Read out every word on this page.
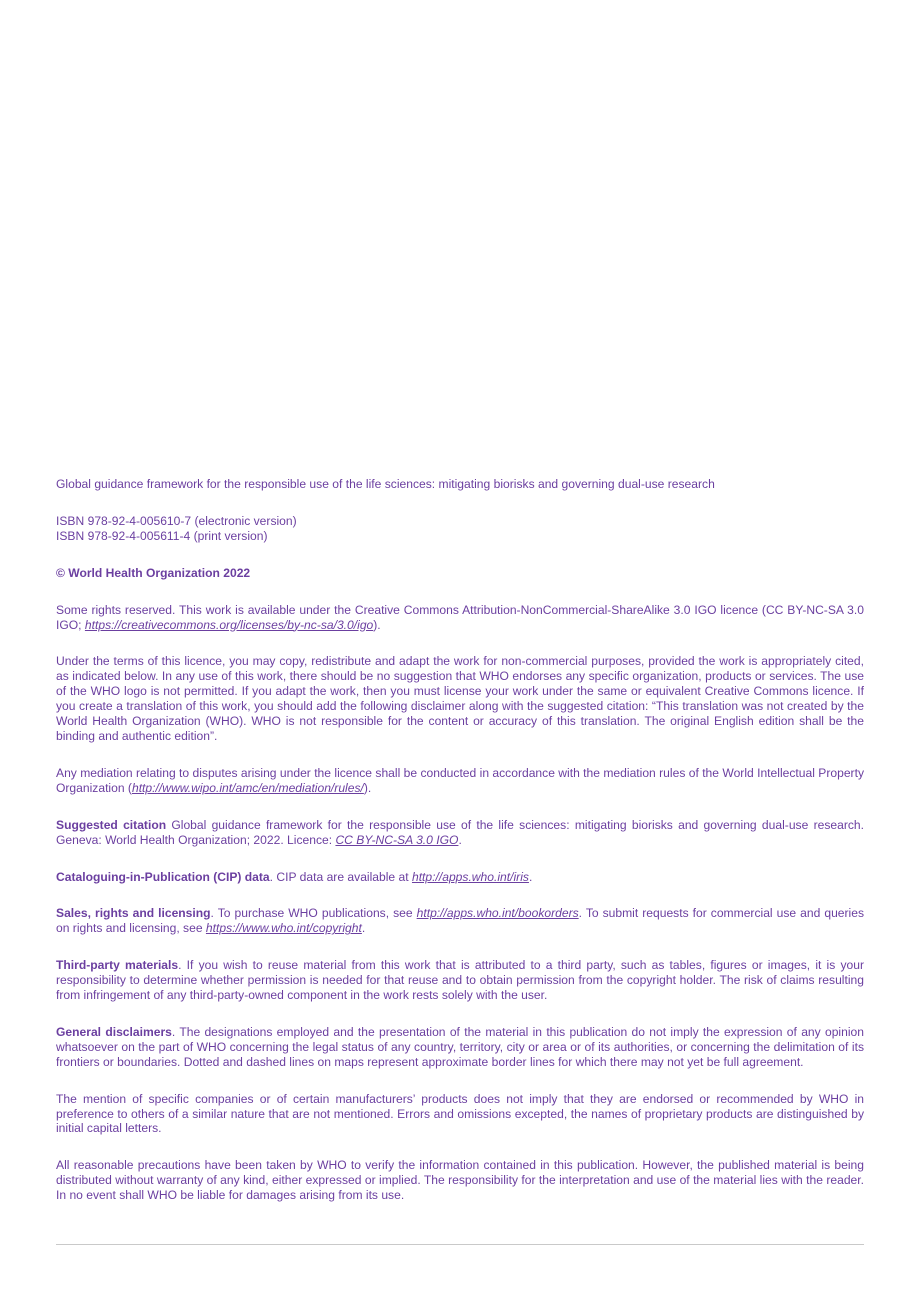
Global guidance framework for the responsible use of the life sciences: mitigating biorisks and governing dual-use research
ISBN 978-92-4-005610-7 (electronic version)
ISBN 978-92-4-005611-4 (print version)
© World Health Organization 2022

Some rights reserved. This work is available under the Creative Commons Attribution-NonCommercial-ShareAlike 3.0 IGO licence (CC BY-NC-SA 3.0 IGO; https://creativecommons.org/licenses/by-nc-sa/3.0/igo).

Under the terms of this licence, you may copy, redistribute and adapt the work for non-commercial purposes, provided the work is appropriately cited, as indicated below. In any use of this work, there should be no suggestion that WHO endorses any specific organization, products or services. The use of the WHO logo is not permitted. If you adapt the work, then you must license your work under the same or equivalent Creative Commons licence. If you create a translation of this work, you should add the following disclaimer along with the suggested citation: “This translation was not created by the World Health Organization (WHO). WHO is not responsible for the content or accuracy of this translation. The original English edition shall be the binding and authentic edition”.

Any mediation relating to disputes arising under the licence shall be conducted in accordance with the mediation rules of the World Intellectual Property Organization (http://www.wipo.int/amc/en/mediation/rules/).

Suggested citation Global guidance framework for the responsible use of the life sciences: mitigating biorisks and governing dual-use research. Geneva: World Health Organization; 2022. Licence: CC BY-NC-SA 3.0 IGO.

Cataloguing-in-Publication (CIP) data. CIP data are available at http://apps.who.int/iris.

Sales, rights and licensing. To purchase WHO publications, see http://apps.who.int/bookorders. To submit requests for commercial use and queries on rights and licensing, see https://www.who.int/copyright.

Third-party materials. If you wish to reuse material from this work that is attributed to a third party, such as tables, figures or images, it is your responsibility to determine whether permission is needed for that reuse and to obtain permission from the copyright holder. The risk of claims resulting from infringement of any third-party-owned component in the work rests solely with the user.

General disclaimers. The designations employed and the presentation of the material in this publication do not imply the expression of any opinion whatsoever on the part of WHO concerning the legal status of any country, territory, city or area or of its authorities, or concerning the delimitation of its frontiers or boundaries. Dotted and dashed lines on maps represent approximate border lines for which there may not yet be full agreement.

The mention of specific companies or of certain manufacturers’ products does not imply that they are endorsed or recommended by WHO in preference to others of a similar nature that are not mentioned. Errors and omissions excepted, the names of proprietary products are distinguished by initial capital letters.

All reasonable precautions have been taken by WHO to verify the information contained in this publication. However, the published material is being distributed without warranty of any kind, either expressed or implied. The responsibility for the interpretation and use of the material lies with the reader. In no event shall WHO be liable for damages arising from its use.
